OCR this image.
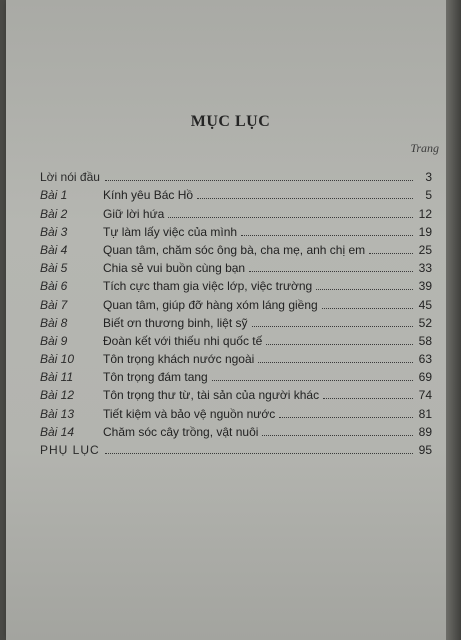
MỤC LỤC
Trang
Lời nói đầu	3
Bài 1	Kính yêu Bác Hồ	5
Bài 2	Giữ lời hứa	12
Bài 3	Tự làm lấy việc của mình	19
Bài 4	Quan tâm, chăm sóc ông bà, cha mẹ, anh chị em	25
Bài 5	Chia sẻ vui buồn cùng bạn	33
Bài 6	Tích cực tham gia việc lớp, việc trường	39
Bài 7	Quan tâm, giúp đỡ hàng xóm láng giềng	45
Bài 8	Biết ơn thương binh, liệt sỹ	52
Bài 9	Đoàn kết với thiếu nhi quốc tế	58
Bài 10	Tôn trọng khách nước ngoài	63
Bài 11	Tôn trọng đám tang	69
Bài 12	Tôn trọng thư từ, tài sản của người khác	74
Bài 13	Tiết kiệm và bảo vệ nguồn nước	81
Bài 14	Chăm sóc cây trồng, vật nuôi	89
PHỤ LỤC	95
